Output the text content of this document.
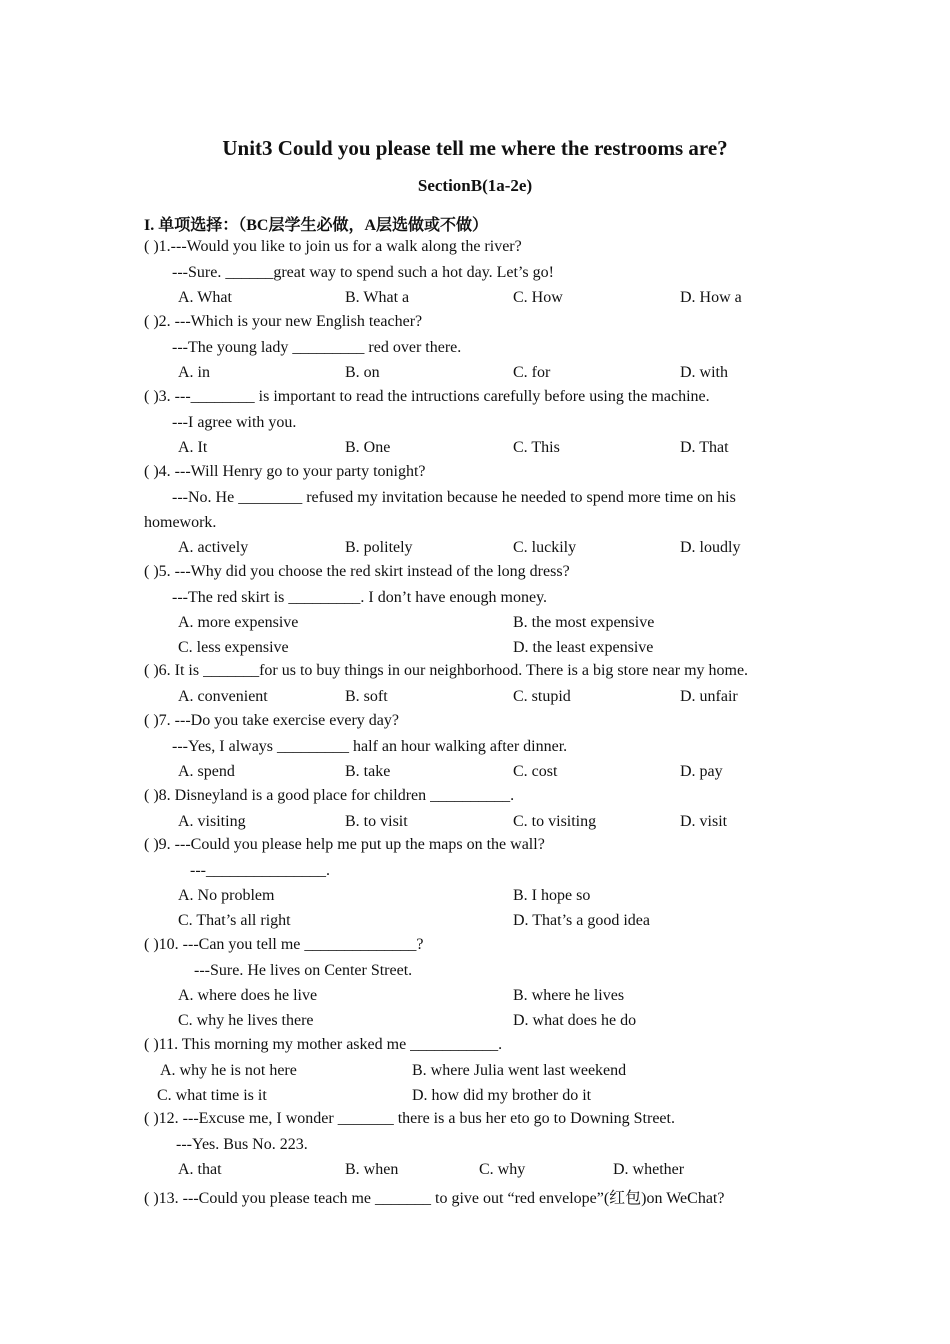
Unit3 Could you please tell me where the restrooms are?
SectionB(1a-2e)
I. 单项选择：（BC层学生必做，A层选做或不做）
( )1.---Would you like to join us for a walk along the river?
---Sure. ______great way to spend such a hot day. Let’s go!
A. What	B. What a	C. How	D. How a
( )2. ---Which is your new English teacher?
---The young lady _________ red over there.
A. in	B. on	C. for	D. with
( )3. ---________ is important to read the intructions carefully before using the machine.
---I agree with you.
A. It	B. One	C. This	D. That
( )4. ---Will Henry go to your party tonight?
---No. He ________ refused my invitation because he needed to spend more time on his
homework.
A. actively	B. politely	C. luckily	D. loudly
( )5. ---Why did you choose the red skirt instead of the long dress?
---The red skirt is _________. I don’t have enough money.
A. more expensive	B. the most expensive
C. less expensive	D. the least expensive
( )6. It is _______for us to buy things in our neighborhood. There is a big store near my home.
A. convenient	B. soft	C. stupid	D. unfair
( )7. ---Do you take exercise every day?
---Yes, I always _________ half an hour walking after dinner.
A. spend	B. take	C. cost	D. pay
( )8. Disneyland is a good place for children __________.
A. visiting	B. to visit	C. to visiting	D. visit
( )9. ---Could you please help me put up the maps on the wall?
---_______________.
A. No problem	B. I hope so
C. That’s all right	D. That’s a good idea
( )10. ---Can you tell me ______________?
---Sure. He lives on Center Street.
A. where does he live	B. where he lives
C. why he lives there	D. what does he do
( )11. This morning my mother asked me ___________.
A. why he is not here	B. where Julia went last weekend
C. what time is it	D. how did my brother do it
( )12. ---Excuse me, I wonder _______ there is a bus her eto go to Downing Street.
---Yes. Bus No. 223.
A. that	B. when	C. why	D. whether
( )13. ---Could you please teach me _______ to give out “red envelope”(红包)on WeChat?
